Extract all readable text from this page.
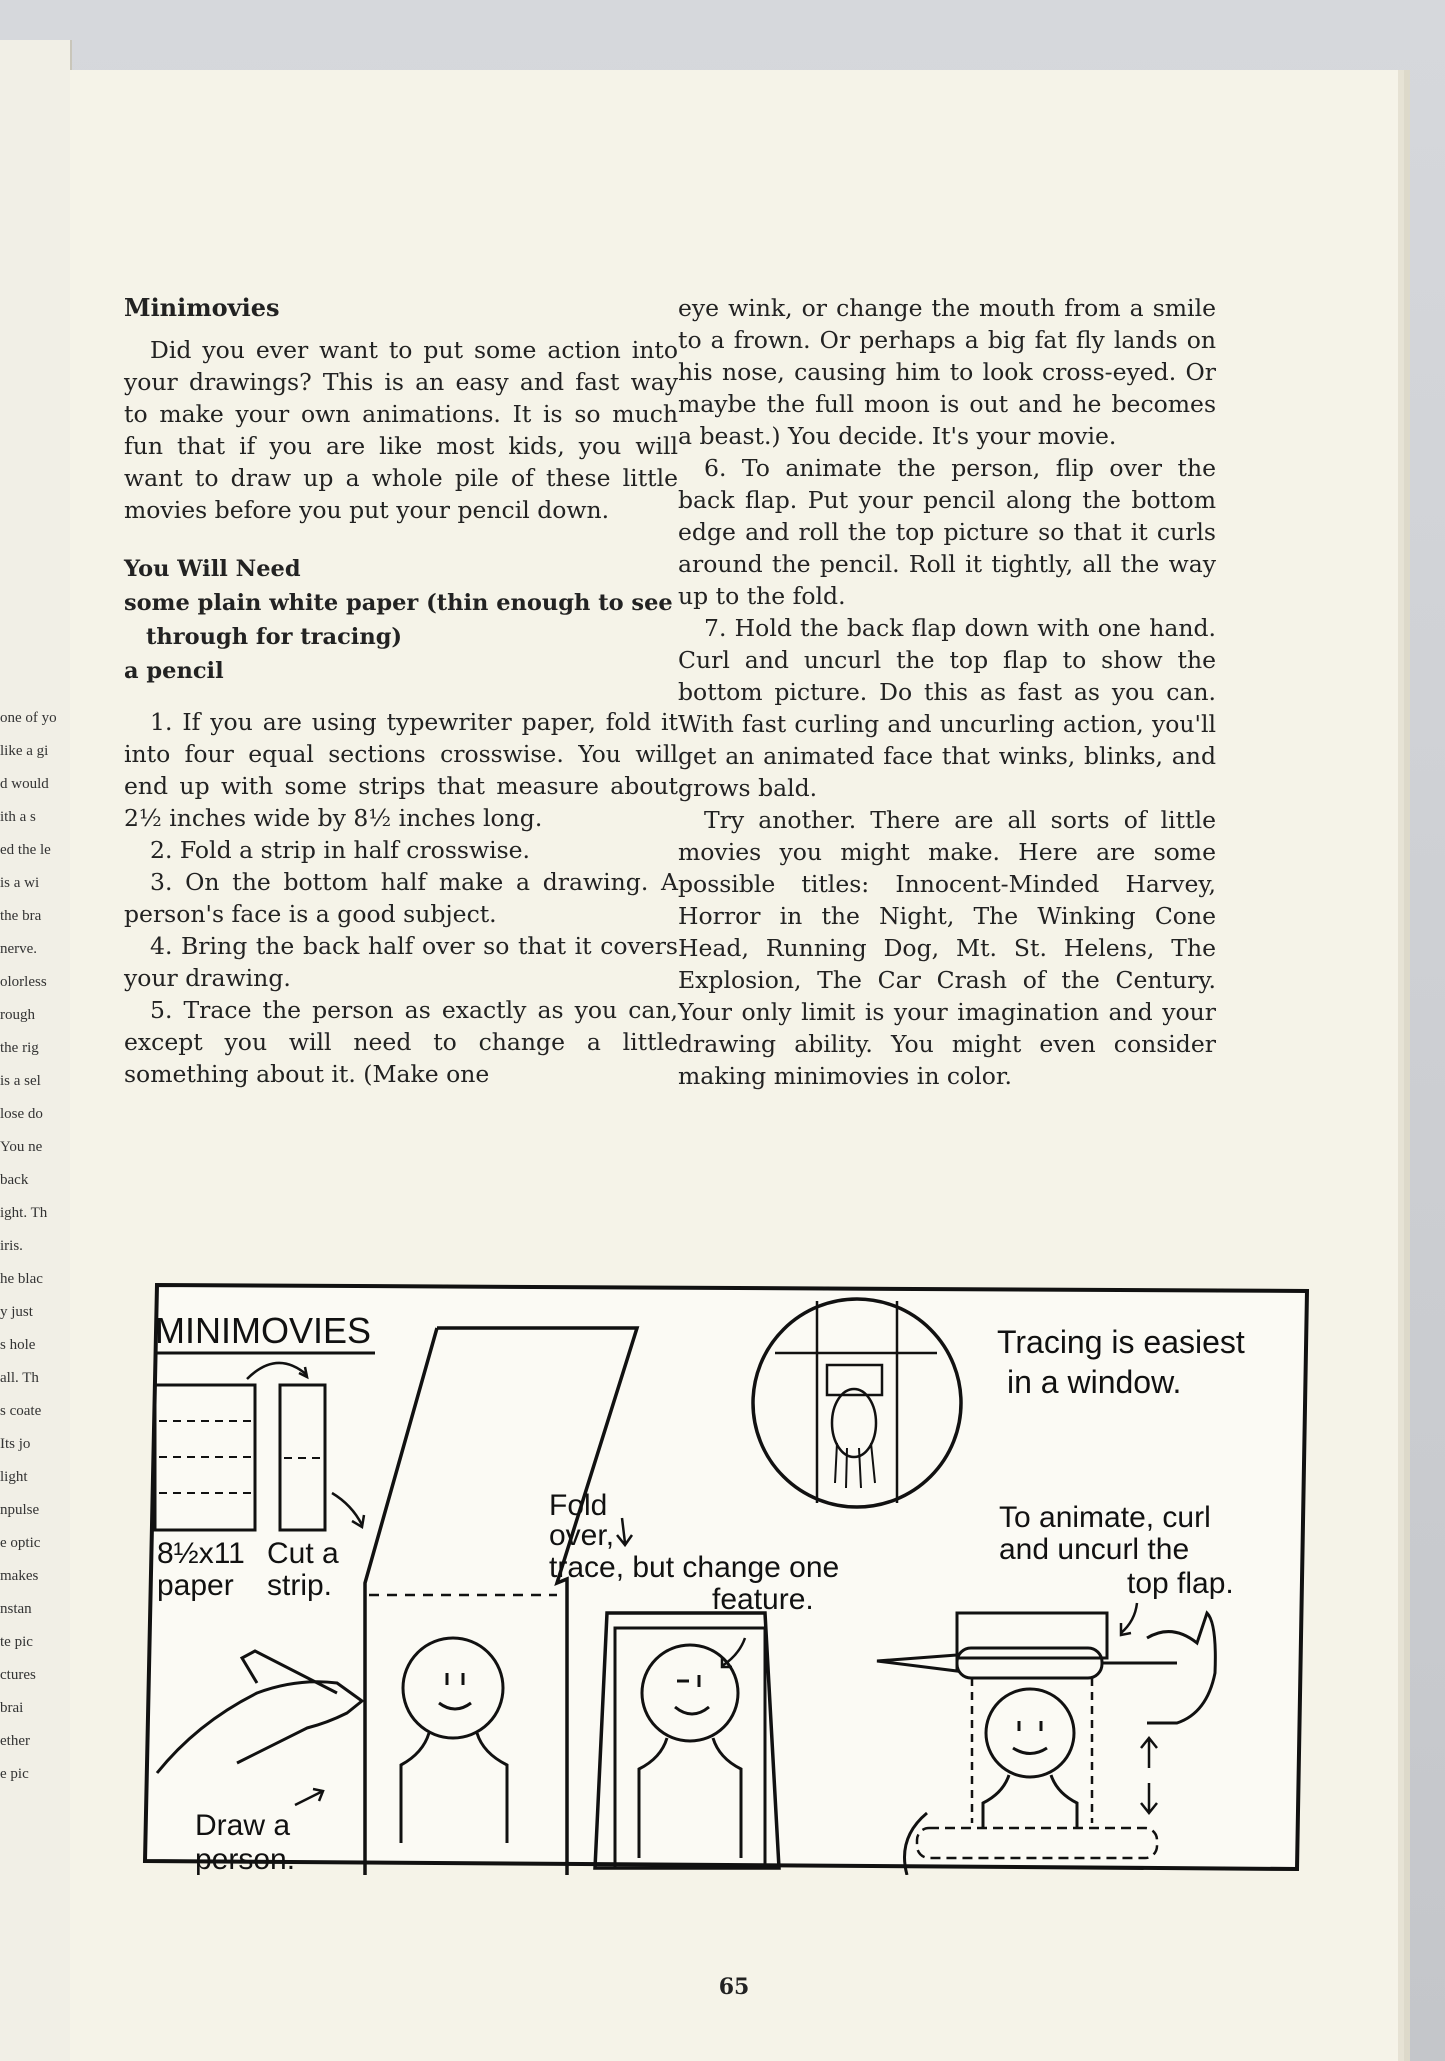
one of yo
like a gi
d would
ith a s
ed the le
is a wi
the bra
nerve.
olorless
rough
the rig
is a sel
lose do
You ne
back
ight. Th
iris.
he blac
y just
s hole
all. Th
s coate
Its jo
light
npulse
e optic
makes
nstan
te pic
ctures
brai
ether
e pic

Minimovies

Did you ever want to put some action into your drawings? This is an easy and fast way to make your own animations. It is so much fun that if you are like most kids, you will want to draw up a whole pile of these little movies before you put your pencil down.

You Will Need

some plain white paper (thin enough to see through for tracing)

a pencil

1. If you are using typewriter paper, fold it into four equal sections crosswise. You will end up with some strips that measure about 2½ inches wide by 8½ inches long.

2. Fold a strip in half crosswise.

3. On the bottom half make a drawing. A person's face is a good subject.

4. Bring the back half over so that it covers your drawing.

5. Trace the person as exactly as you can, except you will need to change a little something about it. (Make one

eye wink, or change the mouth from a smile to a frown. Or perhaps a big fat fly lands on his nose, causing him to look cross-eyed. Or maybe the full moon is out and he becomes a beast.) You decide. It's your movie.

6. To animate the person, flip over the back flap. Put your pencil along the bottom edge and roll the top picture so that it curls around the pencil. Roll it tightly, all the way up to the fold.

7. Hold the back flap down with one hand. Curl and uncurl the top flap to show the bottom picture. Do this as fast as you can. With fast curling and uncurling action, you'll get an animated face that winks, blinks, and grows bald.

Try another. There are all sorts of little movies you might make. Here are some possible titles: Innocent-Minded Harvey, Horror in the Night, The Winking Cone Head, Running Dog, Mt. St. Helens, The Explosion, The Car Crash of the Century. Your only limit is your imagination and your drawing ability. You might even consider making minimovies in color.

MINIMOVIES
8½x11
paper
Cut a
strip.
Draw a
person.
Fold
over,
trace, but change one
feature.
Tracing is easiest
in a window.
To animate, curl
and uncurl the
top flap.
65
